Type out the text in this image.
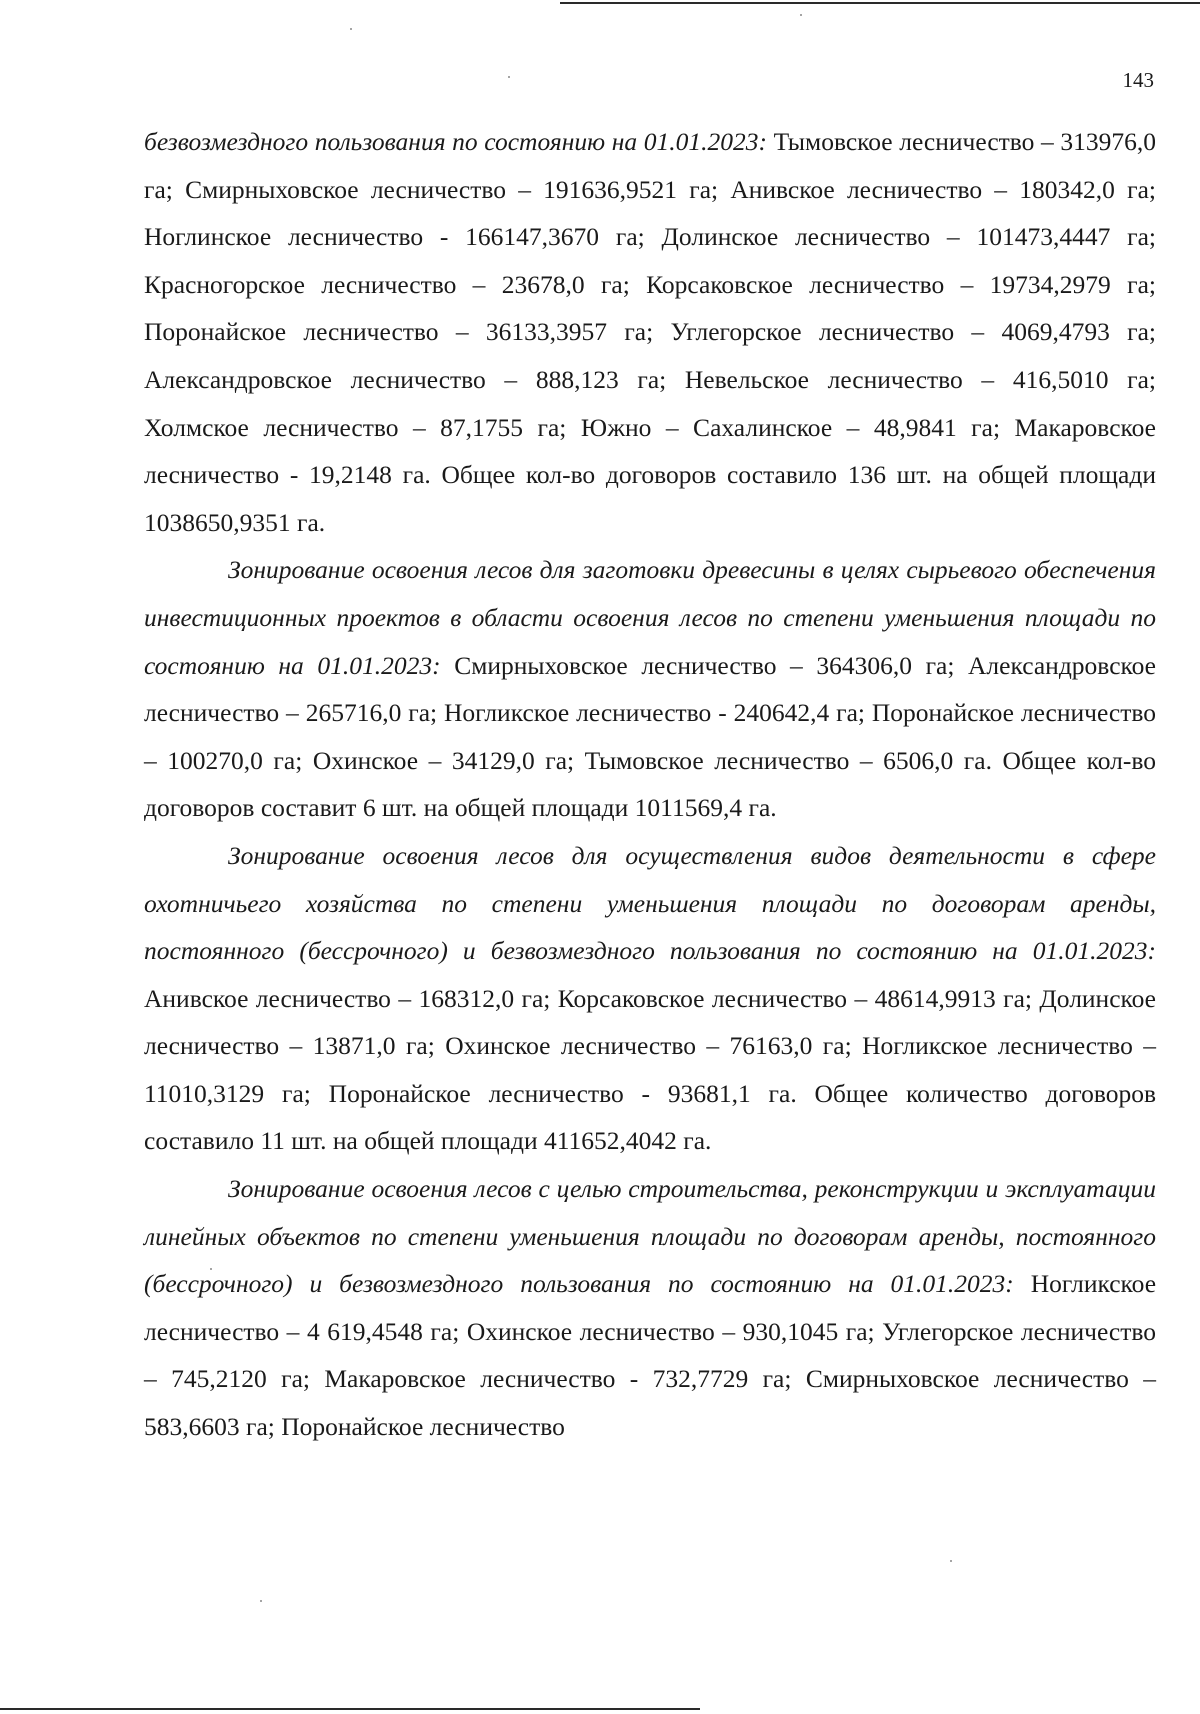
143

безвозмездного пользования по состоянию на 01.01.2023: Тымовское лесничество – 313976,0 га; Смирныховское лесничество – 191636,9521 га; Анивское лесничество – 180342,0 га; Ноглинское лесничество - 166147,3670 га; Долинское лесничество – 101473,4447 га; Красногорское лесничество – 23678,0 га; Корсаковское лесничество – 19734,2979 га; Поронайское лесничество – 36133,3957 га; Углегорское лесничество – 4069,4793 га; Александровское лесничество – 888,123 га; Невельское лесничество – 416,5010 га; Холмское лесничество – 87,1755 га; Южно – Сахалинское – 48,9841 га; Макаровское лесничество - 19,2148 га. Общее кол-во договоров составило 136 шт. на общей площади 1038650,9351 га.

Зонирование освоения лесов для заготовки древесины в целях сырьевого обеспечения инвестиционных проектов в области освоения лесов по степени уменьшения площади по состоянию на 01.01.2023: Смирныховское лесничество – 364306,0 га; Александровское лесничество – 265716,0 га; Ногликское лесничество - 240642,4 га; Поронайское лесничество – 100270,0 га; Охинское – 34129,0 га; Тымовское лесничество – 6506,0 га. Общее кол-во договоров составит 6 шт. на общей площади 1011569,4 га.

Зонирование освоения лесов для осуществления видов деятельности в сфере охотничьего хозяйства по степени уменьшения площади по договорам аренды, постоянного (бессрочного) и безвозмездного пользования по состоянию на 01.01.2023: Анивское лесничество – 168312,0 га; Корсаковское лесничество – 48614,9913 га; Долинское лесничество – 13871,0 га; Охинское лесничество – 76163,0 га; Ногликское лесничество – 11010,3129 га; Поронайское лесничество - 93681,1 га. Общее количество договоров составило 11 шт. на общей площади 411652,4042 га.

Зонирование освоения лесов с целью строительства, реконструкции и эксплуатации линейных объектов по степени уменьшения площади по договорам аренды, постоянного (бессрочного) и безвозмездного пользования по состоянию на 01.01.2023: Ногликское лесничество – 4 619,4548 га; Охинское лесничество – 930,1045 га; Углегорское лесничество – 745,2120 га; Макаровское лесничество - 732,7729 га; Смирныховское лесничество – 583,6603 га; Поронайское лесничество
